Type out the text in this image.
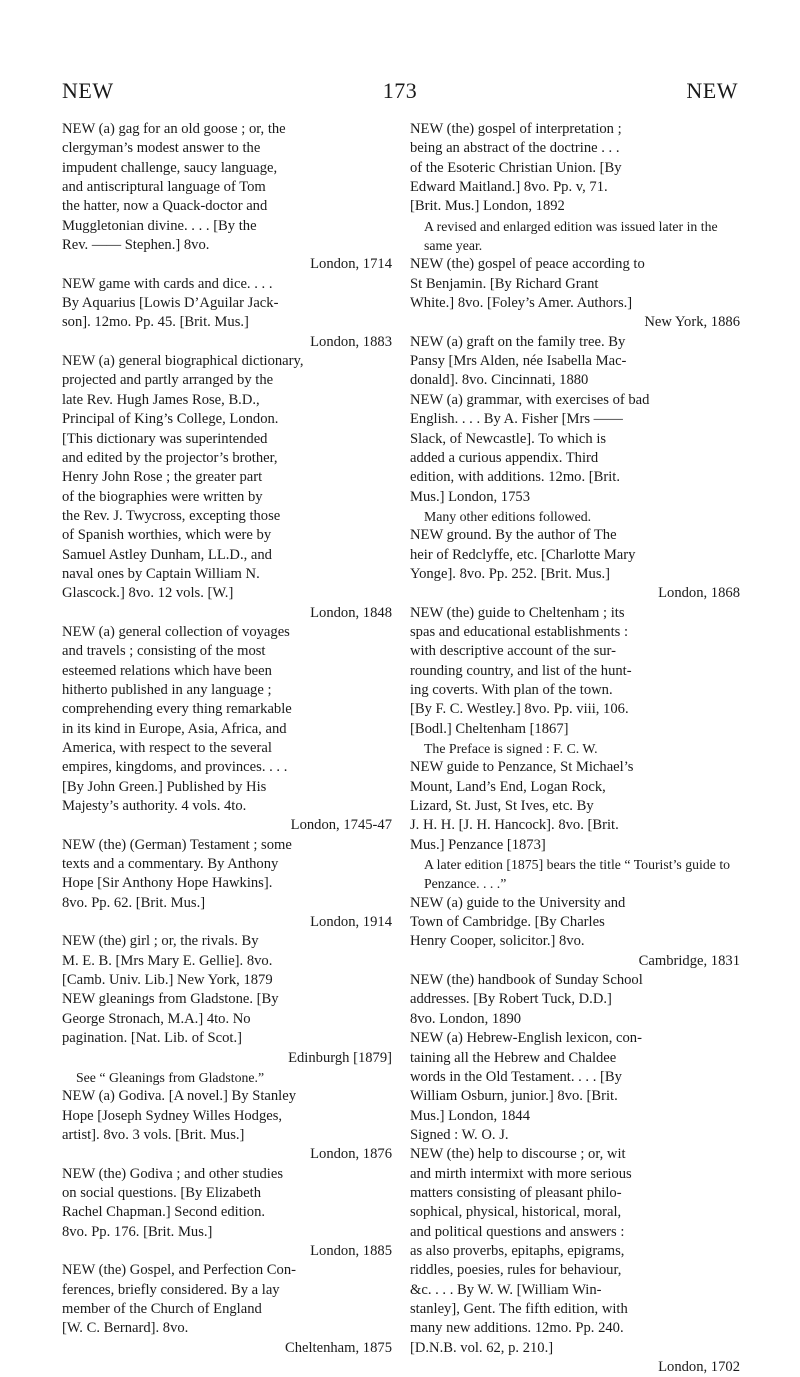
NEW	173	NEW
NEW (a) gag for an old goose ; or, the
clergyman’s modest answer to the
impudent challenge, saucy language,
and antiscriptural language of Tom
the hatter, now a Quack-doctor and
Muggletonian divine. . . . [By the
Rev. —— Stephen.] 8vo.
London, 1714
NEW game with cards and dice. . . .
By Aquarius [Lowis D’Aguilar Jack-
son]. 12mo. Pp. 45. [Brit. Mus.]
London, 1883
NEW (a) general biographical dictionary,
projected and partly arranged by the
late Rev. Hugh James Rose, B.D.,
Principal of King’s College, London.
[This dictionary was superintended
and edited by the projector’s brother,
Henry John Rose ; the greater part
of the biographies were written by
the Rev. J. Twycross, excepting those
of Spanish worthies, which were by
Samuel Astley Dunham, LL.D., and
naval ones by Captain William N.
Glascock.] 8vo. 12 vols. [W.]
London, 1848
NEW (a) general collection of voyages
and travels ; consisting of the most
esteemed relations which have been
hitherto published in any language ;
comprehending every thing remarkable
in its kind in Europe, Asia, Africa, and
America, with respect to the several
empires, kingdoms, and provinces. . . .
[By John Green.] Published by His
Majesty’s authority. 4 vols. 4to.
London, 1745-47
NEW (the) (German) Testament ; some
texts and a commentary. By Anthony
Hope [Sir Anthony Hope Hawkins].
8vo. Pp. 62. [Brit. Mus.]
London, 1914
NEW (the) girl ; or, the rivals. By
M. E. B. [Mrs Mary E. Gellie]. 8vo.
[Camb. Univ. Lib.] New York, 1879
NEW gleanings from Gladstone. [By
George Stronach, M.A.] 4to. No
pagination. [Nat. Lib. of Scot.]
Edinburgh [1879]
See “ Gleanings from Gladstone.”
NEW (a) Godiva. [A novel.] By Stanley
Hope [Joseph Sydney Willes Hodges,
artist]. 8vo. 3 vols. [Brit. Mus.]
London, 1876
NEW (the) Godiva ; and other studies
on social questions. [By Elizabeth
Rachel Chapman.] Second edition.
8vo. Pp. 176. [Brit. Mus.]
London, 1885
NEW (the) Gospel, and Perfection Con-
ferences, briefly considered. By a lay
member of the Church of England
[W. C. Bernard]. 8vo.
Cheltenham, 1875
NEW (the) gospel of interpretation ;
being an abstract of the doctrine . . .
of the Esoteric Christian Union. [By
Edward Maitland.] 8vo. Pp. v, 71.
[Brit. Mus.] London, 1892
A revised and enlarged edition was issued later in the same year.
NEW (the) gospel of peace according to
St Benjamin. [By Richard Grant
White.] 8vo. [Foley’s Amer. Authors.]
New York, 1886
NEW (a) graft on the family tree. By
Pansy [Mrs Alden, née Isabella Mac-
donald]. 8vo. Cincinnati, 1880
NEW (a) grammar, with exercises of bad
English. . . . By A. Fisher [Mrs ——
Slack, of Newcastle]. To which is
added a curious appendix. Third
edition, with additions. 12mo. [Brit.
Mus.] London, 1753
Many other editions followed.
NEW ground. By the author of The
heir of Redclyffe, etc. [Charlotte Mary
Yonge]. 8vo. Pp. 252. [Brit. Mus.]
London, 1868
NEW (the) guide to Cheltenham ; its
spas and educational establishments :
with descriptive account of the sur-
rounding country, and list of the hunt-
ing coverts. With plan of the town.
[By F. C. Westley.] 8vo. Pp. viii, 106.
[Bodl.] Cheltenham [1867]
The Preface is signed : F. C. W.
NEW guide to Penzance, St Michael’s
Mount, Land’s End, Logan Rock,
Lizard, St. Just, St Ives, etc. By
J. H. H. [J. H. Hancock]. 8vo. [Brit.
Mus.] Penzance [1873]
A later edition [1875] bears the title “ Tourist’s guide to Penzance. . . .”
NEW (a) guide to the University and
Town of Cambridge. [By Charles
Henry Cooper, solicitor.] 8vo.
Cambridge, 1831
NEW (the) handbook of Sunday School
addresses. [By Robert Tuck, D.D.]
8vo. London, 1890
NEW (a) Hebrew-English lexicon, con-
taining all the Hebrew and Chaldee
words in the Old Testament. . . . [By
William Osburn, junior.] 8vo. [Brit.
Mus.] London, 1844
Signed : W. O. J.
NEW (the) help to discourse ; or, wit
and mirth intermixt with more serious
matters consisting of pleasant philo-
sophical, physical, historical, moral,
and political questions and answers :
as also proverbs, epitaphs, epigrams,
riddles, poesies, rules for behaviour,
&c. . . . By W. W. [William Win-
stanley], Gent. The fifth edition, with
many new additions. 12mo. Pp. 240.
[D.N.B. vol. 62, p. 210.]
London, 1702
